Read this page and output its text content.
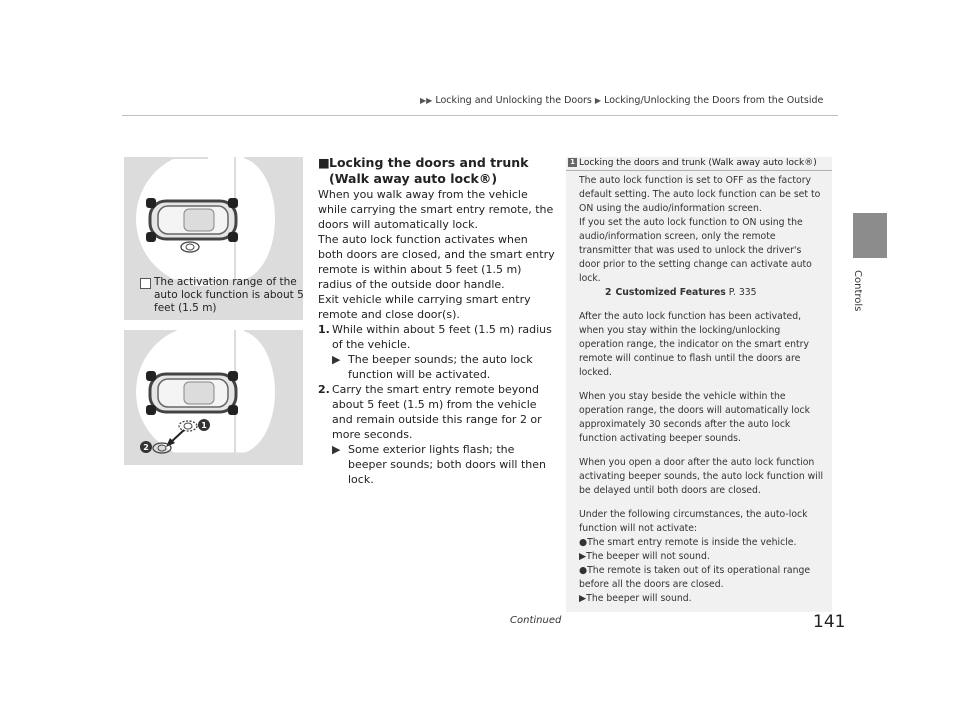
▶▶ Locking and Unlocking the Doors ▶ Locking/Unlocking the Doors from the Outside
Controls
The activation range of the auto lock function is about 5 feet (1.5 m)
1
2
■ Locking the doors and trunk (Walk away auto lock®)

When you walk away from the vehicle while carrying the smart entry remote, the doors will automatically lock.

The auto lock function activates when both doors are closed, and the smart entry remote is within about 5 feet (1.5 m) radius of the outside door handle.

Exit vehicle while carrying smart entry remote and close door(s).

1. While within about 5 feet (1.5 m) radius of the vehicle.
▶ The beeper sounds; the auto lock function will be activated.
2. Carry the smart entry remote beyond about 5 feet (1.5 m) from the vehicle and remain outside this range for 2 or more seconds.
▶ Some exterior lights flash; the beeper sounds; both doors will then lock.
1 Locking the doors and trunk (Walk away auto lock®)

The auto lock function is set to OFF as the factory default setting. The auto lock function can be set to ON using the audio/information screen.

If you set the auto lock function to ON using the audio/information screen, only the remote transmitter that was used to unlock the driver's door prior to the setting change can activate auto lock.

2 Customized Features P. 335

After the auto lock function has been activated, when you stay within the locking/unlocking operation range, the indicator on the smart entry remote will continue to flash until the doors are locked.

When you stay beside the vehicle within the operation range, the doors will automatically lock approximately 30 seconds after the auto lock function activating beeper sounds.

When you open a door after the auto lock function activating beeper sounds, the auto lock function will be delayed until both doors are closed.

Under the following circumstances, the auto-lock function will not activate:

●The smart entry remote is inside the vehicle.

▶The beeper will not sound.

●The remote is taken out of its operational range before all the doors are closed.

▶The beeper will sound.

Continued	141
